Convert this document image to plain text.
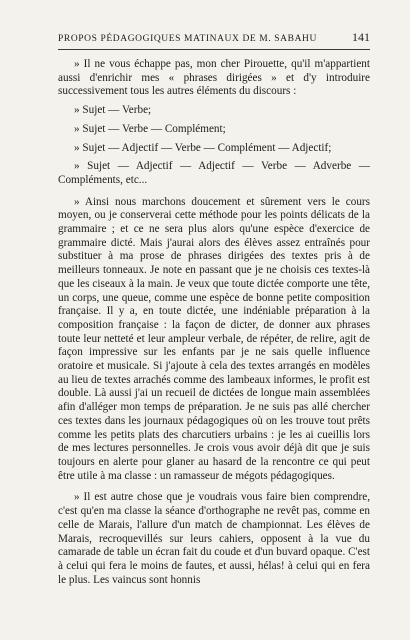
PROPOS PÉDAGOGIQUES MATINAUX DE M. SABAHU	141

» Il ne vous échappe pas, mon cher Pirouette, qu'il m'appartient aussi d'enrichir mes « phrases dirigées » et d'y introduire successivement tous les autres éléments du discours :

» Sujet — Verbe;

» Sujet — Verbe — Complément;

» Sujet — Adjectif — Verbe — Complément — Adjectif;

» Sujet — Adjectif — Adjectif — Verbe — Adverbe — Compléments, etc...

» Ainsi nous marchons doucement et sûrement vers le cours moyen, ou je conserverai cette méthode pour les points délicats de la grammaire ; et ce ne sera plus alors qu'une espèce d'exercice de grammaire dicté. Mais j'aurai alors des élèves assez entraînés pour substituer à ma prose de phrases dirigées des textes pris à de meilleurs tonneaux. Je note en passant que je ne choisis ces textes-là que les ciseaux à la main. Je veux que toute dictée comporte une tête, un corps, une queue, comme une espèce de bonne petite composition française. Il y a, en toute dictée, une indéniable préparation à la composition française : la façon de dicter, de donner aux phrases toute leur netteté et leur ampleur verbale, de répéter, de relire, agit de façon impressive sur les enfants par je ne sais quelle influence oratoire et musicale. Si j'ajoute à cela des textes arrangés en modèles au lieu de textes arrachés comme des lambeaux informes, le profit est double. Là aussi j'ai un recueil de dictées de longue main assemblées afin d'alléger mon temps de préparation. Je ne suis pas allé chercher ces textes dans les journaux pédagogiques où on les trouve tout prêts comme les petits plats des charcutiers urbains : je les ai cueillis lors de mes lectures personnelles. Je crois vous avoir déjà dit que je suis toujours en alerte pour glaner au hasard de la rencontre ce qui peut être utile à ma classe : un ramasseur de mégots pédagogiques.

» Il est autre chose que je voudrais vous faire bien comprendre, c'est qu'en ma classe la séance d'orthographe ne revêt pas, comme en celle de Marais, l'allure d'un match de championnat. Les élèves de Marais, recroquevillés sur leurs cahiers, opposent à la vue du camarade de table un écran fait du coude et d'un buvard opaque. C'est à celui qui fera le moins de fautes, et aussi, hélas! à celui qui en fera le plus. Les vaincus sont honnis
